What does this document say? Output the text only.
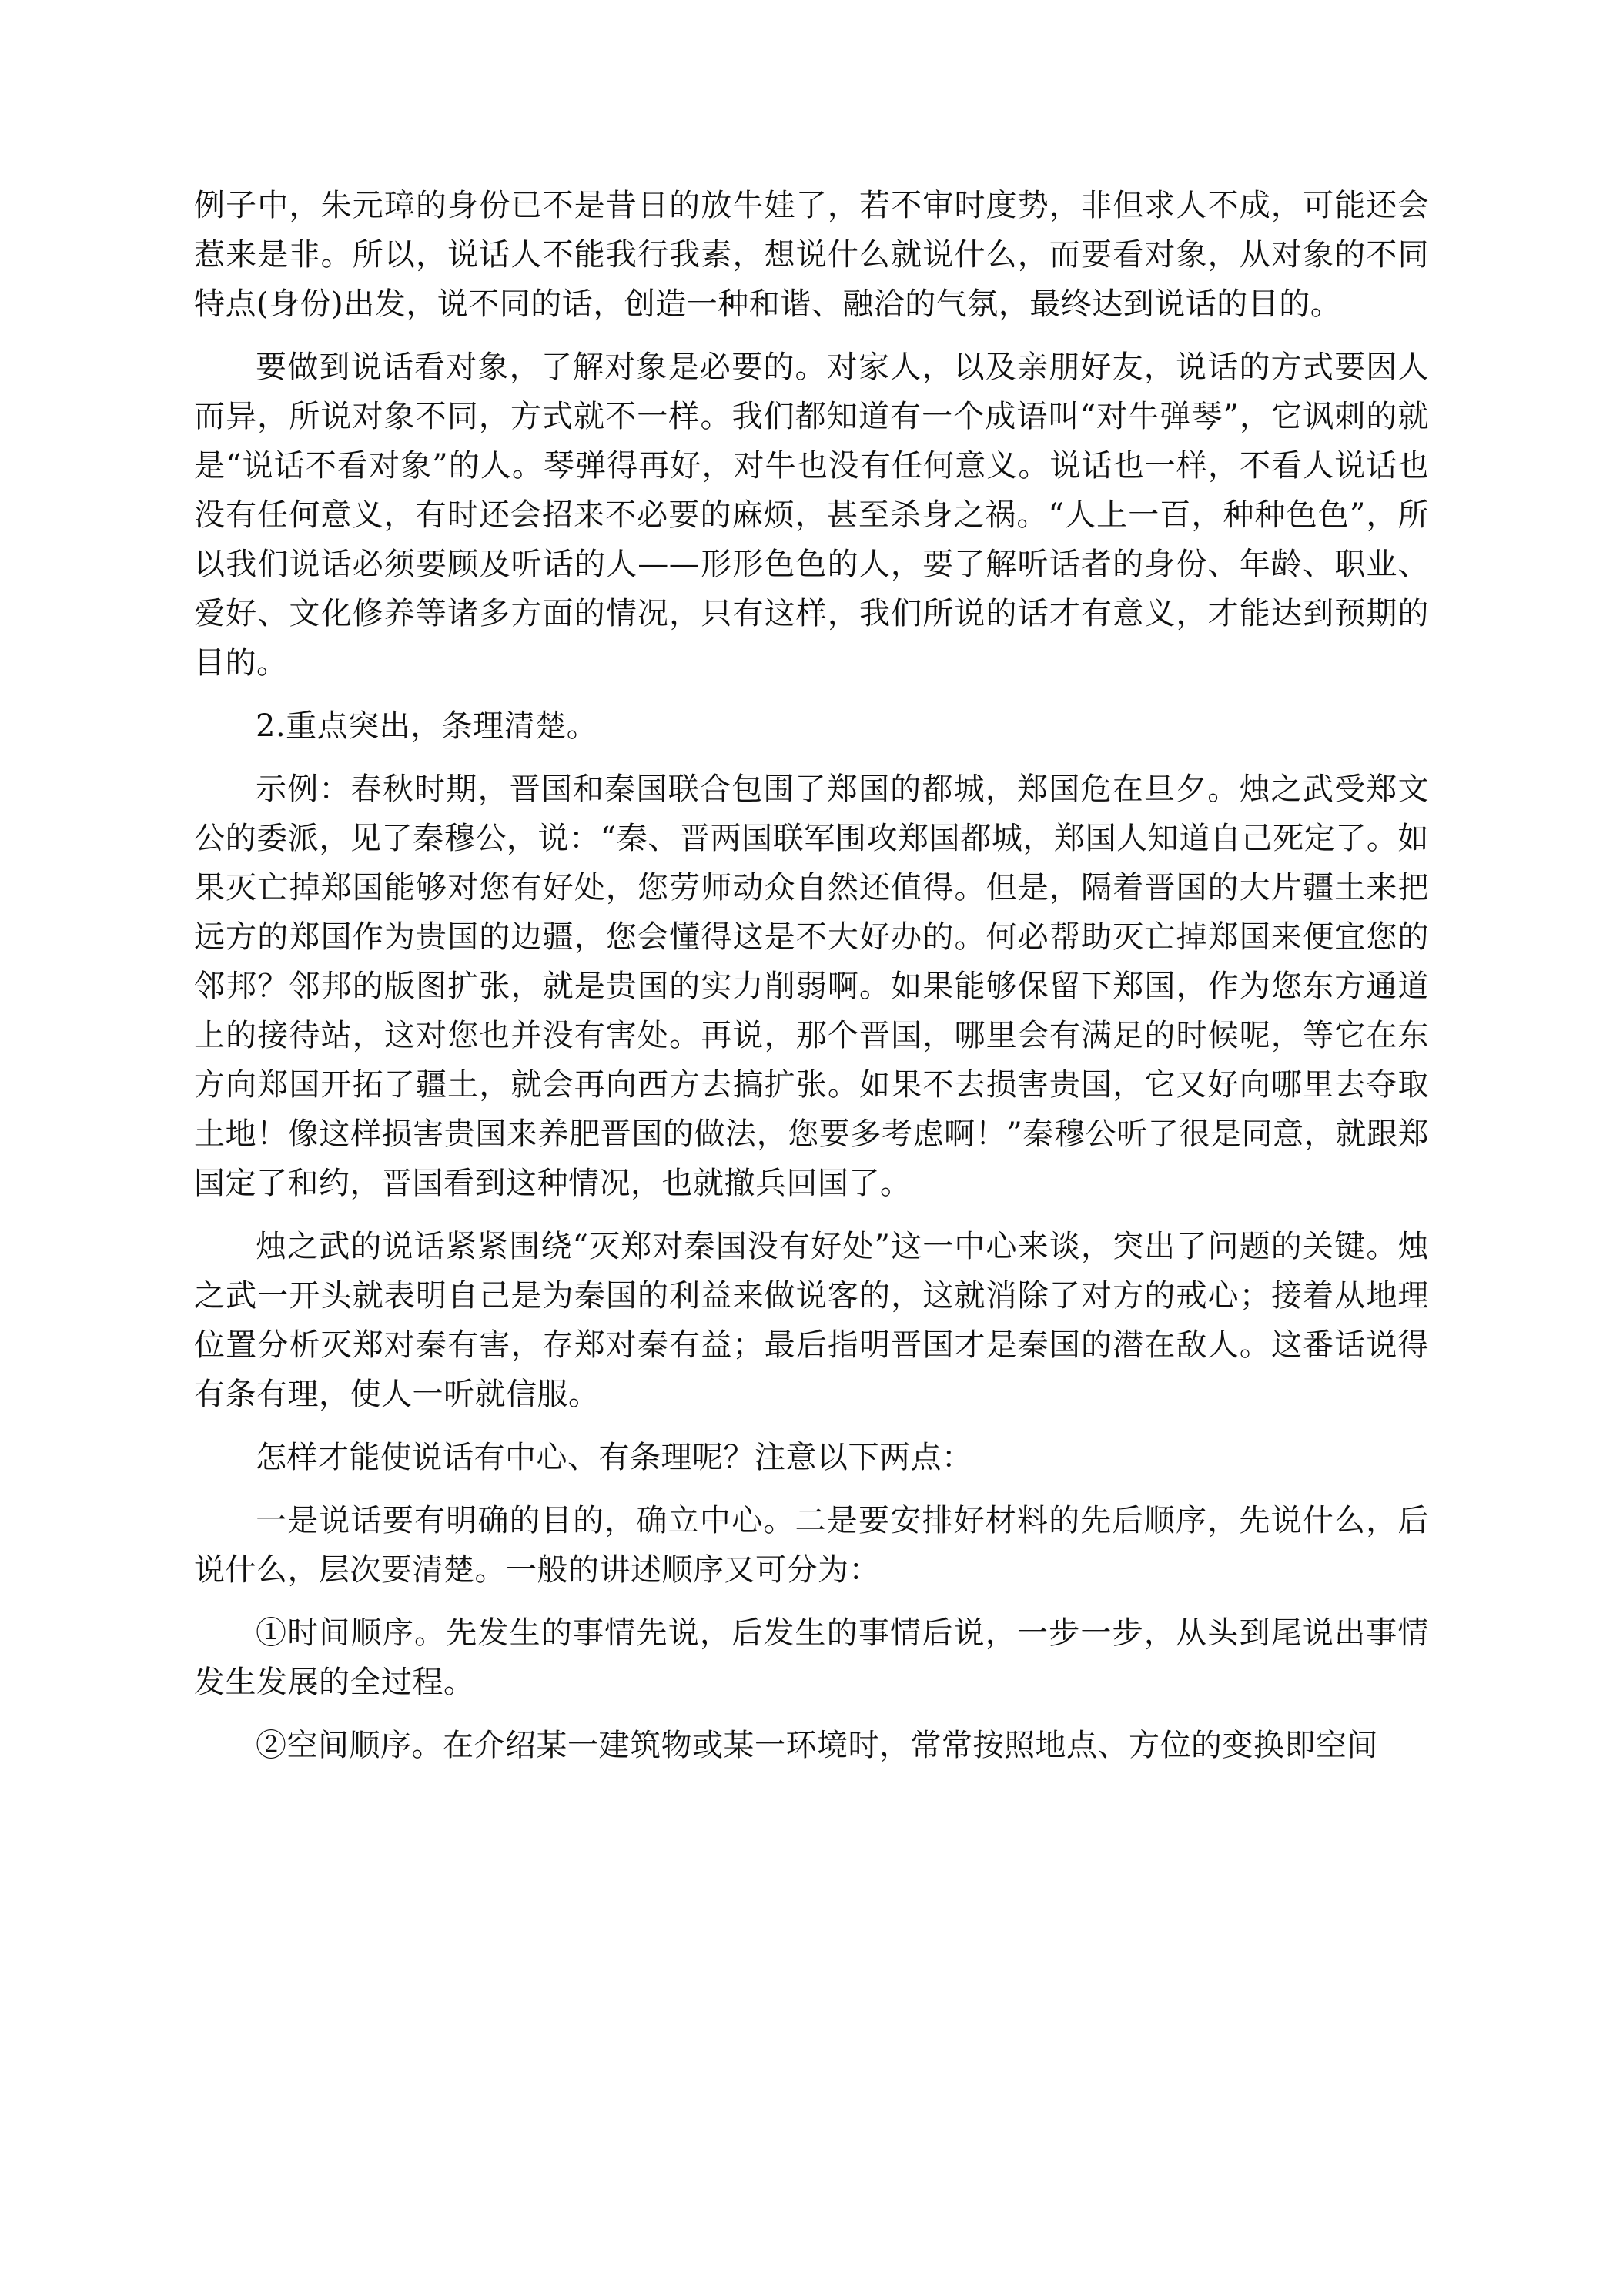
例子中，朱元璋的身份已不是昔日的放牛娃了，若不审时度势，非但求人不成，可能还会惹来是非。所以，说话人不能我行我素，想说什么就说什么，而要看对象，从对象的不同特点(身份)出发，说不同的话，创造一种和谐、融洽的气氛，最终达到说话的目的。

要做到说话看对象，了解对象是必要的。对家人，以及亲朋好友，说话的方式要因人而异，所说对象不同，方式就不一样。我们都知道有一个成语叫“对牛弹琴”，它讽刺的就是“说话不看对象”的人。琴弹得再好，对牛也没有任何意义。说话也一样，不看人说话也没有任何意义，有时还会招来不必要的麻烦，甚至杀身之祸。“人上一百，种种色色”，所以我们说话必须要顾及听话的人——形形色色的人，要了解听话者的身份、年龄、职业、爱好、文化修养等诸多方面的情况，只有这样，我们所说的话才有意义，才能达到预期的目的。

2.重点突出，条理清楚。

示例：春秋时期，晋国和秦国联合包围了郑国的都城，郑国危在旦夕。烛之武受郑文公的委派，见了秦穆公，说：“秦、晋两国联军围攻郑国都城，郑国人知道自己死定了。如果灭亡掉郑国能够对您有好处，您劳师动众自然还值得。但是，隔着晋国的大片疆土来把远方的郑国作为贵国的边疆，您会懂得这是不大好办的。何必帮助灭亡掉郑国来便宜您的邻邦？邻邦的版图扩张，就是贵国的实力削弱啊。如果能够保留下郑国，作为您东方通道上的接待站，这对您也并没有害处。再说，那个晋国，哪里会有满足的时候呢，等它在东方向郑国开拓了疆土，就会再向西方去搞扩张。如果不去损害贵国，它又好向哪里去夺取土地！像这样损害贵国来养肥晋国的做法，您要多考虑啊！”秦穆公听了很是同意，就跟郑国定了和约，晋国看到这种情况，也就撤兵回国了。

烛之武的说话紧紧围绕“灭郑对秦国没有好处”这一中心来谈，突出了问题的关键。烛之武一开头就表明自己是为秦国的利益来做说客的，这就消除了对方的戒心；接着从地理位置分析灭郑对秦有害，存郑对秦有益；最后指明晋国才是秦国的潜在敌人。这番话说得有条有理，使人一听就信服。

怎样才能使说话有中心、有条理呢？注意以下两点：

一是说话要有明确的目的，确立中心。二是要安排好材料的先后顺序，先说什么，后说什么，层次要清楚。一般的讲述顺序又可分为：

①时间顺序。先发生的事情先说，后发生的事情后说，一步一步，从头到尾说出事情发生发展的全过程。

②空间顺序。在介绍某一建筑物或某一环境时，常常按照地点、方位的变换即空间
